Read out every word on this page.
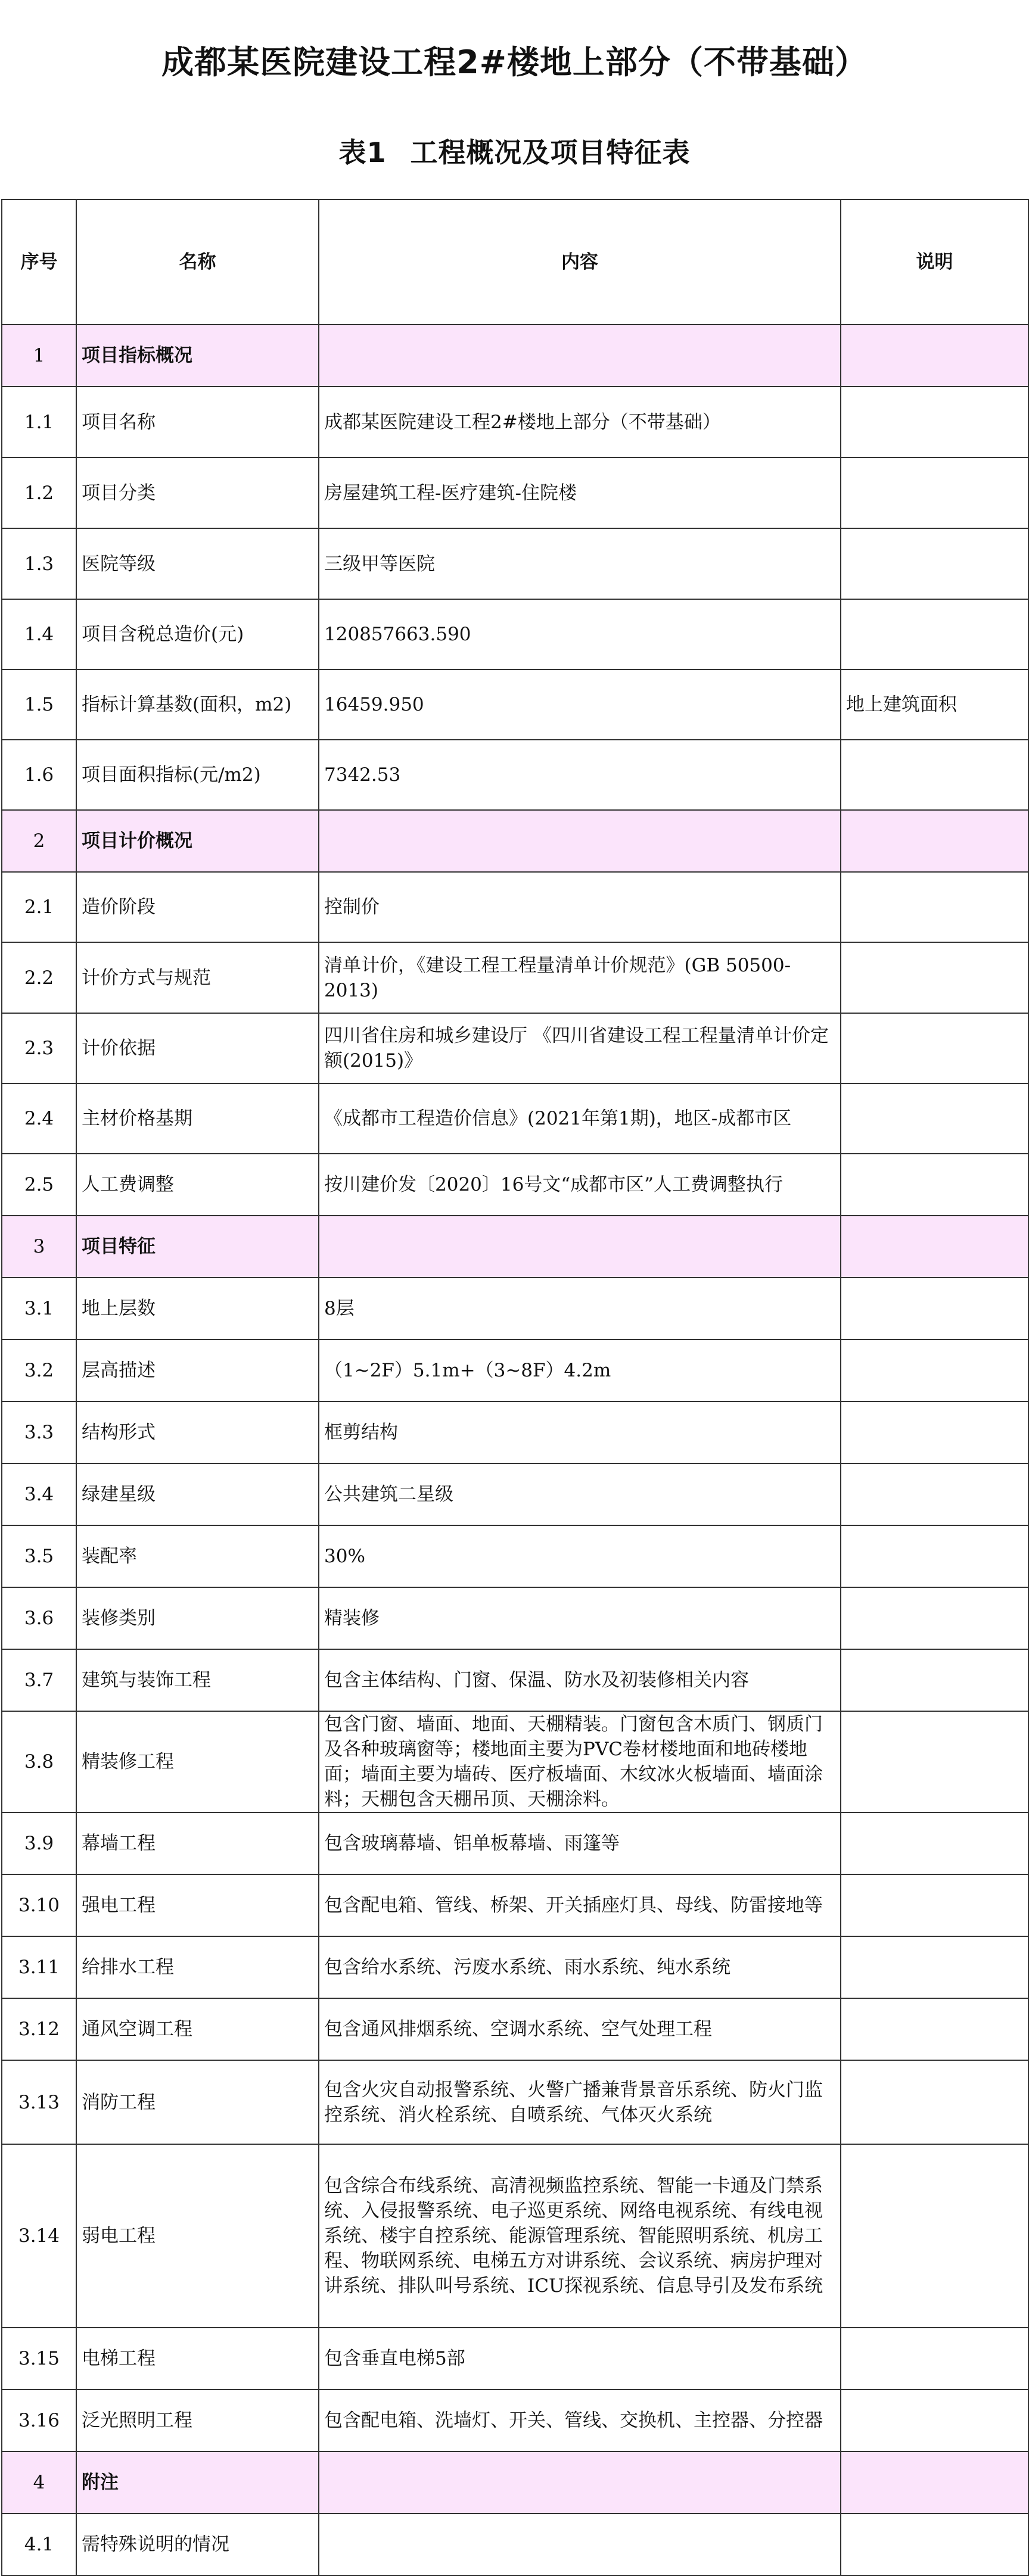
成都某医院建设工程2#楼地上部分（不带基础）
表1 工程概况及项目特征表
序号	名称	内容	说明
1	项目指标概况		
1.1	项目名称	成都某医院建设工程2#楼地上部分（不带基础）	
1.2	项目分类	房屋建筑工程-医疗建筑-住院楼	
1.3	医院等级	三级甲等医院	
1.4	项目含税总造价(元)	120857663.590	
1.5	指标计算基数(面积，m2)	16459.950	地上建筑面积
1.6	项目面积指标(元/m2)	7342.53	
2	项目计价概况		
2.1	造价阶段	控制价	
2.2	计价方式与规范	清单计价，《建设工程工程量清单计价规范》(GB 50500-2013)	
2.3	计价依据	四川省住房和城乡建设厅 《四川省建设工程工程量清单计价定额(2015)》	
2.4	主材价格基期	《成都市工程造价信息》(2021年第1期)，地区-成都市区	
2.5	人工费调整	按川建价发〔2020〕16号文“成都市区”人工费调整执行	
3	项目特征		
3.1	地上层数	8层	
3.2	层高描述	（1~2F）5.1m+（3~8F）4.2m	
3.3	结构形式	框剪结构	
3.4	绿建星级	公共建筑二星级	
3.5	装配率	30%	
3.6	装修类别	精装修	
3.7	建筑与装饰工程	包含主体结构、门窗、保温、防水及初装修相关内容	
3.8	精装修工程	包含门窗、墙面、地面、天棚精装。门窗包含木质门、钢质门及各种玻璃窗等；楼地面主要为PVC卷材楼地面和地砖楼地面；墙面主要为墙砖、医疗板墙面、木纹冰火板墙面、墙面涂料；天棚包含天棚吊顶、天棚涂料。	
3.9	幕墙工程	包含玻璃幕墙、铝单板幕墙、雨篷等	
3.10	强电工程	包含配电箱、管线、桥架、开关插座灯具、母线、防雷接地等	
3.11	给排水工程	包含给水系统、污废水系统、雨水系统、纯水系统	
3.12	通风空调工程	包含通风排烟系统、空调水系统、空气处理工程	
3.13	消防工程	包含火灾自动报警系统、火警广播兼背景音乐系统、防火门监控系统、消火栓系统、自喷系统、气体灭火系统	
3.14	弱电工程	包含综合布线系统、高清视频监控系统、智能一卡通及门禁系统、入侵报警系统、电子巡更系统、网络电视系统、有线电视系统、楼宇自控系统、能源管理系统、智能照明系统、机房工程、物联网系统、电梯五方对讲系统、会议系统、病房护理对讲系统、排队叫号系统、ICU探视系统、信息导引及发布系统	
3.15	电梯工程	包含垂直电梯5部	
3.16	泛光照明工程	包含配电箱、洗墙灯、开关、管线、交换机、主控器、分控器	
4	附注		
4.1	需特殊说明的情况		
